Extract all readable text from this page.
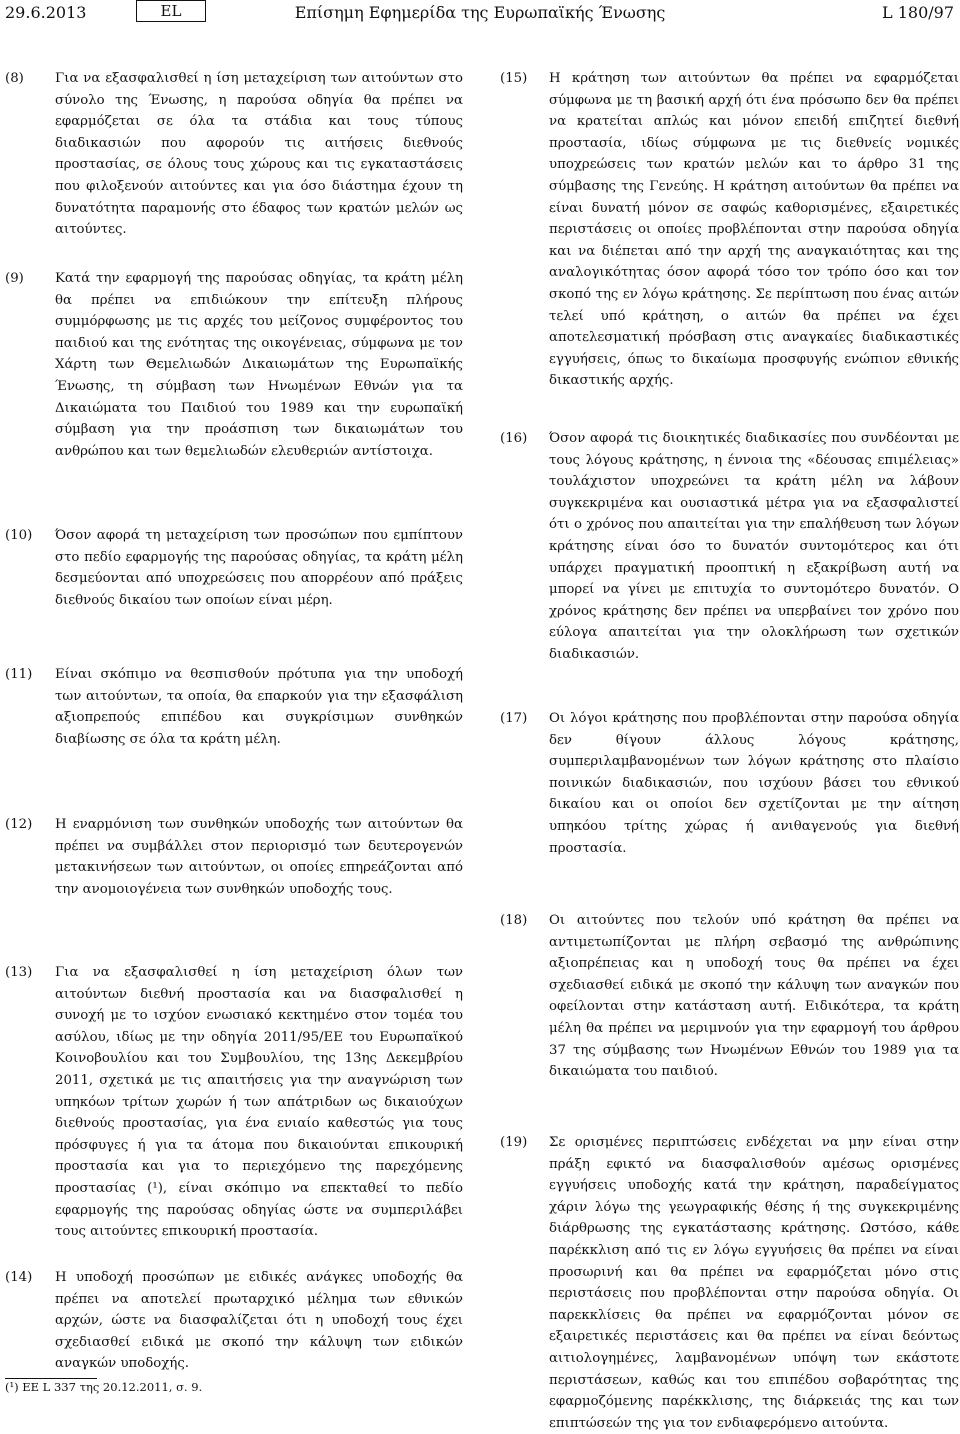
29.6.2013	EL	Επίσημη Εφημερίδα της Ευρωπαϊκής Ένωσης	L 180/97
(8) Για να εξασφαλισθεί η ίση μεταχείριση των αιτούντων στο σύνολο της Ένωσης, η παρούσα οδηγία θα πρέπει να εφαρμόζεται σε όλα τα στάδια και τους τύπους διαδικασιών που αφορούν τις αιτήσεις διεθνούς προστασίας, σε όλους τους χώρους και τις εγκαταστάσεις που φιλοξενούν αιτούντες και για όσο διάστημα έχουν τη δυνατότητα παραμονής στο έδαφος των κρατών μελών ως αιτούντες.
(9) Κατά την εφαρμογή της παρούσας οδηγίας, τα κράτη μέλη θα πρέπει να επιδιώκουν την επίτευξη πλήρους συμμόρφωσης με τις αρχές του μείζονος συμφέροντος του παιδιού και της ενότητας της οικογένειας, σύμφωνα με τον Χάρτη των Θεμελιωδών Δικαιωμάτων της Ευρωπαϊκής Ένωσης, τη σύμβαση των Ηνωμένων Εθνών για τα Δικαιώματα του Παιδιού του 1989 και την ευρωπαϊκή σύμβαση για την προάσπιση των δικαιωμάτων του ανθρώπου και των θεμελιωδών ελευθεριών αντίστοιχα.
(10) Όσον αφορά τη μεταχείριση των προσώπων που εμπίπτουν στο πεδίο εφαρμογής της παρούσας οδηγίας, τα κράτη μέλη δεσμεύονται από υποχρεώσεις που απορρέουν από πράξεις διεθνούς δικαίου των οποίων είναι μέρη.
(11) Είναι σκόπιμο να θεσπισθούν πρότυπα για την υποδοχή των αιτούντων, τα οποία, θα επαρκούν για την εξασφάλιση αξιοπρεπούς επιπέδου και συγκρίσιμων συνθηκών διαβίωσης σε όλα τα κράτη μέλη.
(12) Η εναρμόνιση των συνθηκών υποδοχής των αιτούντων θα πρέπει να συμβάλλει στον περιορισμό των δευτερογενών μετακινήσεων των αιτούντων, οι οποίες επηρεάζονται από την ανομοιογένεια των συνθηκών υποδοχής τους.
(13) Για να εξασφαλισθεί η ίση μεταχείριση όλων των αιτούντων διεθνή προστασία και να διασφαλισθεί η συνοχή με το ισχύον ενωσιακό κεκτημένο στον τομέα του ασύλου, ιδίως με την οδηγία 2011/95/ΕΕ του Ευρωπαϊκού Κοινοβουλίου και του Συμβουλίου, της 13ης Δεκεμβρίου 2011, σχετικά με τις απαιτήσεις για την αναγνώριση των υπηκόων τρίτων χωρών ή των απάτριδων ως δικαιούχων διεθνούς προστασίας, για ένα ενιαίο καθεστώς για τους πρόσφυγες ή για τα άτομα που δικαιούνται επικουρική προστασία και για το περιεχόμενο της παρεχόμενης προστασίας (¹), είναι σκόπιμο να επεκταθεί το πεδίο εφαρμογής της παρούσας οδηγίας ώστε να συμπεριλάβει τους αιτούντες επικουρική προστασία.
(14) Η υποδοχή προσώπων με ειδικές ανάγκες υποδοχής θα πρέπει να αποτελεί πρωταρχικό μέλημα των εθνικών αρχών, ώστε να διασφαλίζεται ότι η υποδοχή τους έχει σχεδιασθεί ειδικά με σκοπό την κάλυψη των ειδικών αναγκών υποδοχής.
(15) Η κράτηση των αιτούντων θα πρέπει να εφαρμόζεται σύμφωνα με τη βασική αρχή ότι ένα πρόσωπο δεν θα πρέπει να κρατείται απλώς και μόνον επειδή επιζητεί διεθνή προστασία, ιδίως σύμφωνα με τις διεθνείς νομικές υποχρεώσεις των κρατών μελών και το άρθρο 31 της σύμβασης της Γενεύης. Η κράτηση αιτούντων θα πρέπει να είναι δυνατή μόνον σε σαφώς καθορισμένες, εξαιρετικές περιστάσεις οι οποίες προβλέπονται στην παρούσα οδηγία και να διέπεται από την αρχή της αναγκαιότητας και της αναλογικότητας όσον αφορά τόσο τον τρόπο όσο και τον σκοπό της εν λόγω κράτησης. Σε περίπτωση που ένας αιτών τελεί υπό κράτηση, ο αιτών θα πρέπει να έχει αποτελεσματική πρόσβαση στις αναγκαίες διαδικαστικές εγγυήσεις, όπως το δικαίωμα προσφυγής ενώπιον εθνικής δικαστικής αρχής.
(16) Όσον αφορά τις διοικητικές διαδικασίες που συνδέονται με τους λόγους κράτησης, η έννοια της «δέουσας επιμέλειας» τουλάχιστον υποχρεώνει τα κράτη μέλη να λάβουν συγκεκριμένα και ουσιαστικά μέτρα για να εξασφαλιστεί ότι ο χρόνος που απαιτείται για την επαλήθευση των λόγων κράτησης είναι όσο το δυνατόν συντομότερος και ότι υπάρχει πραγματική προοπτική η εξακρίβωση αυτή να μπορεί να γίνει με επιτυχία το συντομότερο δυνατόν. Ο χρόνος κράτησης δεν πρέπει να υπερβαίνει τον χρόνο που εύλογα απαιτείται για την ολοκλήρωση των σχετικών διαδικασιών.
(17) Οι λόγοι κράτησης που προβλέπονται στην παρούσα οδηγία δεν θίγουν άλλους λόγους κράτησης, συμπεριλαμβανομένων των λόγων κράτησης στο πλαίσιο ποινικών διαδικασιών, που ισχύουν βάσει του εθνικού δικαίου και οι οποίοι δεν σχετίζονται με την αίτηση υπηκόου τρίτης χώρας ή ανιθαγενούς για διεθνή προστασία.
(18) Οι αιτούντες που τελούν υπό κράτηση θα πρέπει να αντιμετωπίζονται με πλήρη σεβασμό της ανθρώπινης αξιοπρέπειας και η υποδοχή τους θα πρέπει να έχει σχεδιασθεί ειδικά με σκοπό την κάλυψη των αναγκών που οφείλονται στην κατάσταση αυτή. Ειδικότερα, τα κράτη μέλη θα πρέπει να μεριμνούν για την εφαρμογή του άρθρου 37 της σύμβασης των Ηνωμένων Εθνών του 1989 για τα δικαιώματα του παιδιού.
(19) Σε ορισμένες περιπτώσεις ενδέχεται να μην είναι στην πράξη εφικτό να διασφαλισθούν αμέσως ορισμένες εγγυήσεις υποδοχής κατά την κράτηση, παραδείγματος χάριν λόγω της γεωγραφικής θέσης ή της συγκεκριμένης διάρθρωσης της εγκατάστασης κράτησης. Ωστόσο, κάθε παρέκκλιση από τις εν λόγω εγγυήσεις θα πρέπει να είναι προσωρινή και θα πρέπει να εφαρμόζεται μόνο στις περιστάσεις που προβλέπονται στην παρούσα οδηγία. Οι παρεκκλίσεις θα πρέπει να εφαρμόζονται μόνον σε εξαιρετικές περιστάσεις και θα πρέπει να είναι δεόντως αιτιολογημένες, λαμβανομένων υπόψη των εκάστοτε περιστάσεων, καθώς και του επιπέδου σοβαρότητας της εφαρμοζόμενης παρέκκλισης, της διάρκειάς της και των επιπτώσεών της για τον ενδιαφερόμενο αιτούντα.
(¹) ΕΕ L 337 της 20.12.2011, σ. 9.
